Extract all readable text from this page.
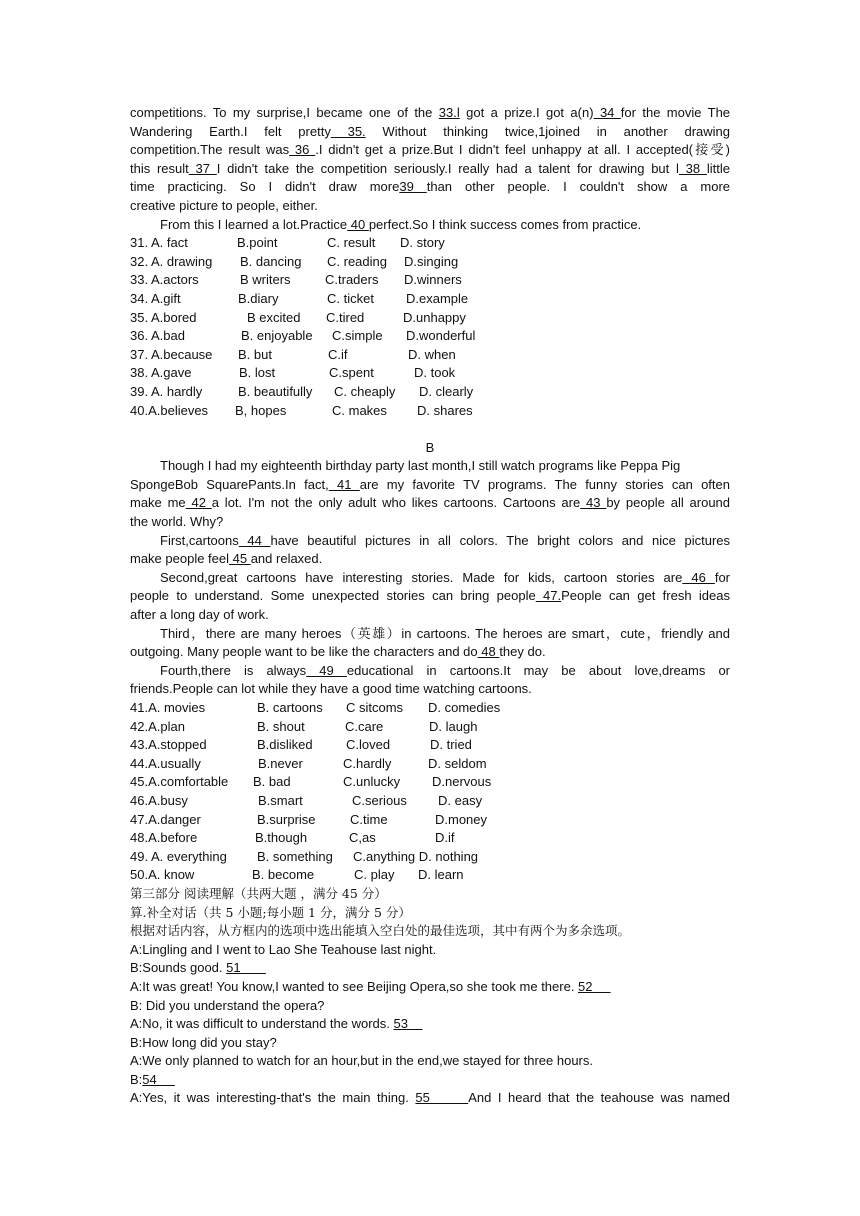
competitions. To my surprise,I became one of the 33.l got a prize.I got a(n) 34 for the movie The
Wandering Earth.I felt pretty 35. Without thinking twice,1joined in another drawing
competition.The result was 36 .I didn't get a prize.But I didn't feel unhappy at all. I accepted(接受)
this result 37 I didn't take the competition seriously.I really had a talent for drawing but l 38 little
time practicing. So I didn't draw more39 than other people. I couldn't show a more
creative picture to people, either.
From this I learned a lot.Practice 40 perfect.So I think success comes from practice.
31. A. fact	B.point	C. result D. story
32. A. drawing B. dancing C. reading D.singing
33. A.actors	B writers	C.traders D.winners
34. A.gift	B.diary	C. ticket D.example
35. A.bored	B excited C.tired	D.unhappy
36. A.bad	B. enjoyable C.simple D.wonderful
37. A.because B. but	C.if	D. when
38. A.gave	B. lost	C.spent	D. took
39. A. hardly	B. beautifully C. cheaply D. clearly
40.A.believes B, hopes	C. makes D. shares
B
Though I had my eighteenth birthday party last month,I still watch programs like Peppa Pig
SpongeBob SquarePants.In fact, 41 are my favorite TV programs. The funny stories can often
make me 42 a lot. I'm not the only adult who likes cartoons. Cartoons are 43 by people all around
the world. Why?
First,cartoons 44 have beautiful pictures in all colors. The bright colors and nice pictures
make people feel 45 and relaxed.
Second,great cartoons have interesting stories. Made for kids, cartoon stories are 46 for
people to understand. Some unexpected stories can bring people 47.People can get fresh ideas
after a long day of work.
Third，there are many heroes（英雄）in cartoons. The heroes are smart，cute，friendly and
outgoing. Many people want to be like the characters and do 48 they do.
Fourth,there is always 49 educational in cartoons.It may be about love,dreams or
friends.People can lot while they have a good time watching cartoons.
41.A. movies	B. cartoons C sitcoms D. comedies
42.A.plan	B. shout	C.care	D. laugh
43.A.stopped	B.disliked	C.loved	D. tried
44.A.usually	B.never	C.hardly	D. seldom
45.A.comfortable B. bad	C.unlucky D.nervous
46.A.busy	B.smart	C.serious D. easy
47.A.danger	B.surprise	C.time	D.money
48.A.before	B.though	C,as	D.if
49. A. everything B. something C.anything D. nothing
50.A. know	B. become	C. play D. learn
第三部分 阅读理解（共两大题 ，满分 45 分）
算.补全对话（共 5 小题;每小题 1 分，满分 5 分）
根据对话内容，从方框内的选项中选出能填入空白处的最佳选项，其中有两个为多余选项。
A:Lingling and I went to Lao She Teahouse last night.
B:Sounds good. 51
A:It was great! You know,I wanted to see Beijing Opera,so she took me there. 52
B: Did you understand the opera?
A:No, it was difficult to understand the words. 53
B:How long did you stay?
A:We only planned to watch for an hour,but in the end,we stayed for three hours.
B:54
A:Yes, it was interesting-that's the main thing. 55      And I heard that the teahouse was named
